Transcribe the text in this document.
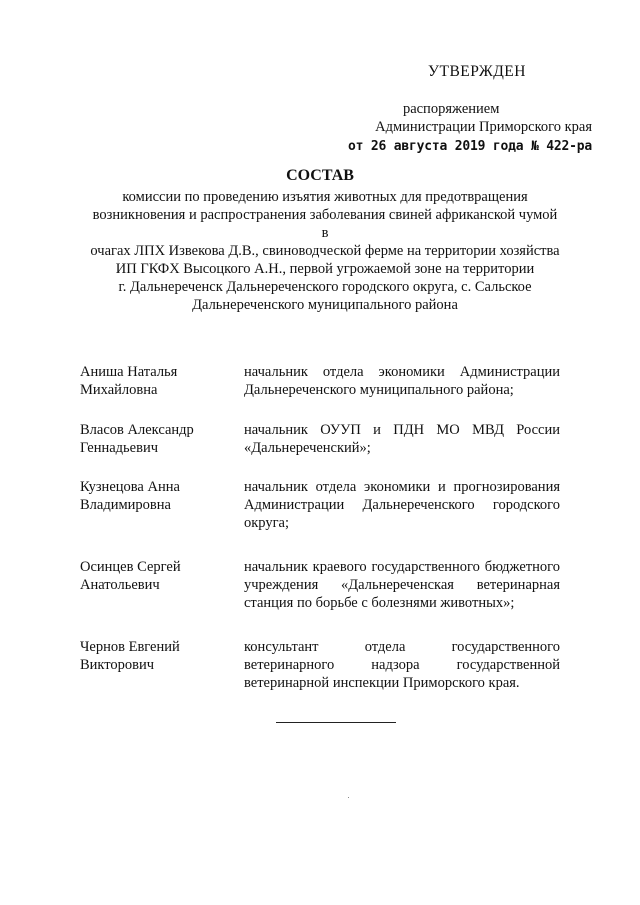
УТВЕРЖДЕН
распоряжением
Администрации Приморского края
от 26 августа 2019 года № 422-ра
СОСТАВ
комиссии по проведению изъятия животных для предотвращения
возникновения и распространения заболевания свиней африканской чумой в
очагах ЛПХ Извекова Д.В., свиноводческой ферме на территории хозяйства
ИП ГКФХ Высоцкого А.Н., первой угрожаемой зоне на территории
г. Дальнереченск Дальнереченского городского округа, с. Сальское
Дальнереченского муниципального района
Аниша Наталья
Михайловна
начальник отдела экономики Администрации Дальнереченского муниципального района;
Власов Александр
Геннадьевич
начальник ОУУП и ПДН МО МВД России «Дальнереченский»;
Кузнецова Анна
Владимировна
начальник отдела экономики и прогнозирования Администрации Дальнереченского городского округа;
Осинцев Сергей
Анатольевич
начальник краевого государственного бюджетного учреждения «Дальнереченская ветеринарная станция по борьбе с болезнями животных»;
Чернов Евгений
Викторович
консультант отдела государственного ветеринарного надзора государственной ветеринарной инспекции Приморского края.
